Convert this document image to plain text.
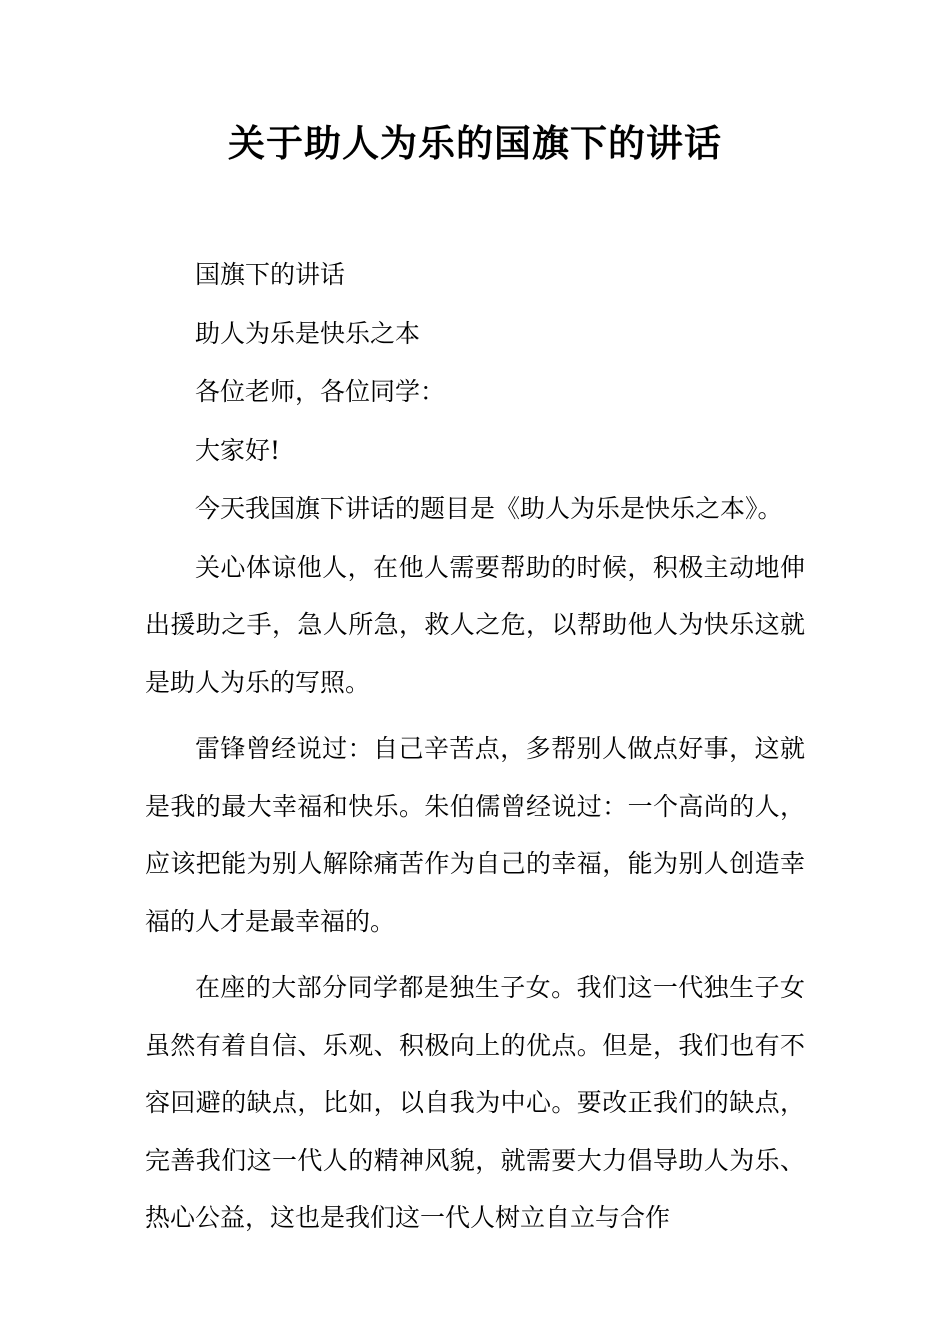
关于助人为乐的国旗下的讲话

国旗下的讲话

助人为乐是快乐之本

各位老师，各位同学：

大家好!

今天我国旗下讲话的题目是《助人为乐是快乐之本》。

关心体谅他人，在他人需要帮助的时候，积极主动地伸出援助之手，急人所急，救人之危，以帮助他人为快乐这就是助人为乐的写照。

雷锋曾经说过：自己辛苦点，多帮别人做点好事，这就是我的最大幸福和快乐。朱伯儒曾经说过：一个高尚的人，应该把能为别人解除痛苦作为自己的幸福，能为别人创造幸福的人才是最幸福的。

在座的大部分同学都是独生子女。我们这一代独生子女虽然有着自信、乐观、积极向上的优点。但是，我们也有不容回避的缺点，比如，以自我为中心。要改正我们的缺点，完善我们这一代人的精神风貌，就需要大力倡导助人为乐、热心公益，这也是我们这一代人树立自立与合作
